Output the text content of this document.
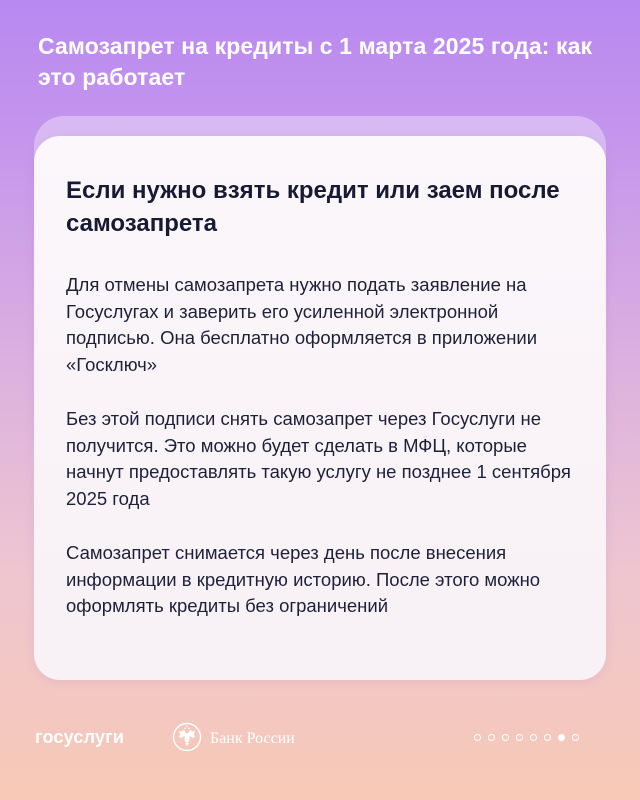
Самозапрет на кредиты с 1 марта 2025 года: как это работает
Если нужно взять кредит или заем после самозапрета

Для отмены самозапрета нужно подать заявление на Госуслугах и заверить его усиленной электронной подписью. Она бесплатно оформляется в приложении «Госключ»

Без этой подписи снять самозапрет через Госуслуги не получится. Это можно будет сделать в МФЦ, которые начнут предоставлять такую услугу не позднее 1 сентября 2025 года

Самозапрет снимается через день после внесения информации в кредитную историю. После этого можно оформлять кредиты без ограничений

госуслуги	Банк России
